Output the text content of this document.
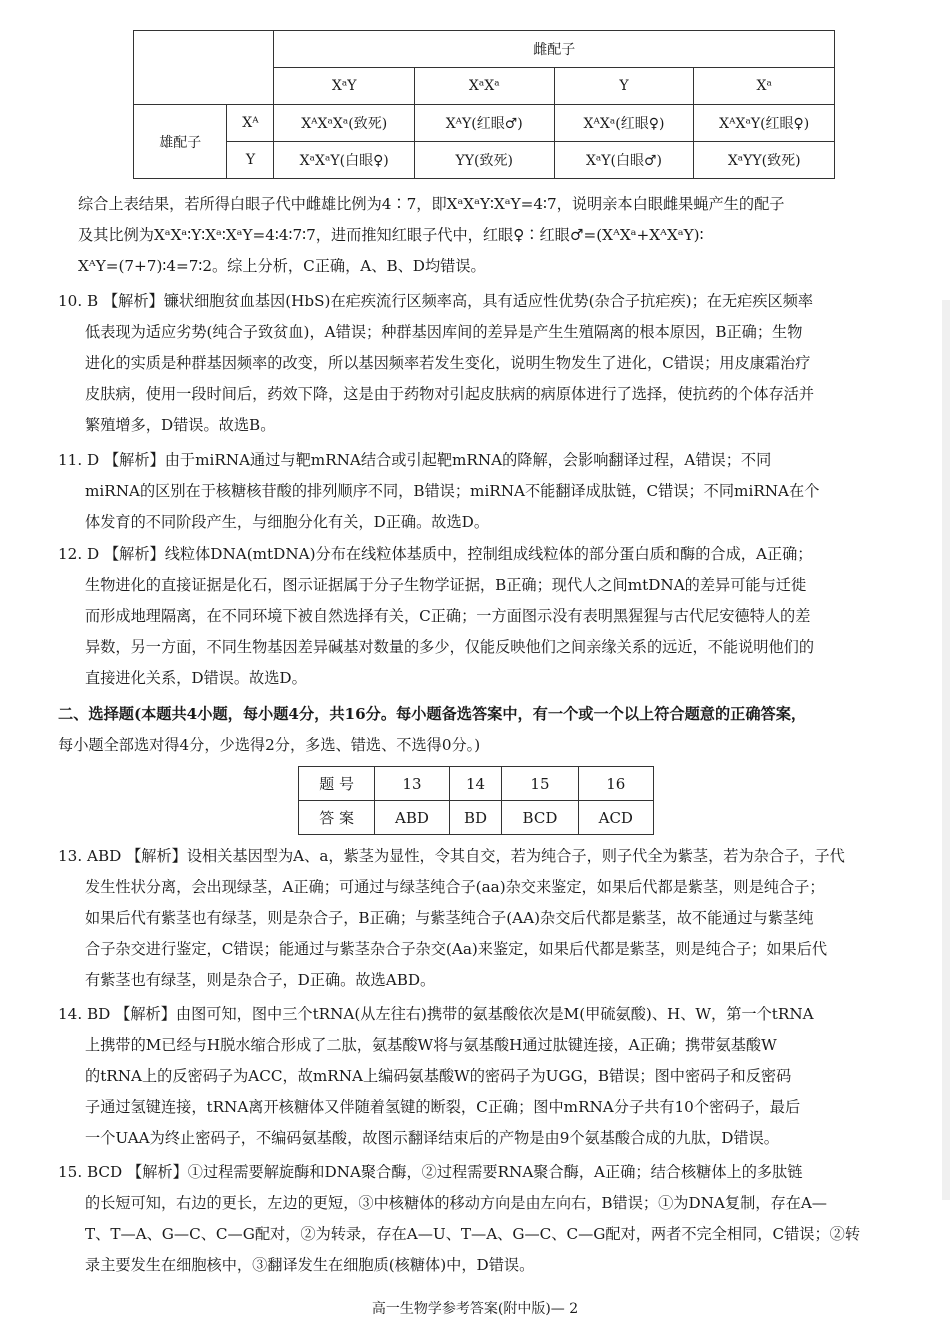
		雌配子			
		XᵃY	XᵃXᵃ	Y	Xᵃ
雄配子	Xᴬ	XᴬXᵃXᵃ(致死)	XᴬY(红眼♂)	XᴬXᵃ(红眼♀)	XᴬXᵃY(红眼♀)
	Y	XᵃXᵃY(白眼♀)	YY(致死)	XᵃY(白眼♂)	XᵃYY(致死)

综合上表结果，若所得白眼子代中雌雄比例为4∶7，即XᵃXᵃY∶XᵃY=4∶7，说明亲本白眼雌果蝇产生的配子

及其比例为XᵃXᵃ∶Y∶Xᵃ∶XᵃY=4∶4∶7∶7，进而推知红眼子代中，红眼♀∶红眼♂=(XᴬXᵃ+XᴬXᵃY)∶

XᴬY=(7+7)∶4=7∶2。综上分析，C正确，A、B、D均错误。

10. B 【解析】镰状细胞贫血基因(HbS)在疟疾流行区频率高，具有适应性优势(杂合子抗疟疾)；在无疟疾区频率

低表现为适应劣势(纯合子致贫血)，A错误；种群基因库间的差异是产生生殖隔离的根本原因，B正确；生物

进化的实质是种群基因频率的改变，所以基因频率若发生变化，说明生物发生了进化，C错误；用皮康霜治疗

皮肤病，使用一段时间后，药效下降，这是由于药物对引起皮肤病的病原体进行了选择，使抗药的个体存活并

繁殖增多，D错误。故选B。

11. D 【解析】由于miRNA通过与靶mRNA结合或引起靶mRNA的降解，会影响翻译过程，A错误；不同

miRNA的区别在于核糖核苷酸的排列顺序不同，B错误；miRNA不能翻译成肽链，C错误；不同miRNA在个

体发育的不同阶段产生，与细胞分化有关，D正确。故选D。

12. D 【解析】线粒体DNA(mtDNA)分布在线粒体基质中，控制组成线粒体的部分蛋白质和酶的合成，A正确；

生物进化的直接证据是化石，图示证据属于分子生物学证据，B正确；现代人之间mtDNA的差异可能与迁徙

而形成地理隔离，在不同环境下被自然选择有关，C正确；一方面图示没有表明黑猩猩与古代尼安德特人的差

异数，另一方面，不同生物基因差异碱基对数量的多少，仅能反映他们之间亲缘关系的远近，不能说明他们的

直接进化关系，D错误。故选D。

二、选择题(本题共4小题，每小题4分，共16分。每小题备选答案中，有一个或一个以上符合题意的正确答案，

每小题全部选对得4分，少选得2分，多选、错选、不选得0分。)

题 号	13	14	15	16
答 案	ABD	BD	BCD	ACD

13. ABD 【解析】设相关基因型为A、a，紫茎为显性，令其自交，若为纯合子，则子代全为紫茎，若为杂合子，子代

发生性状分离，会出现绿茎，A正确；可通过与绿茎纯合子(aa)杂交来鉴定，如果后代都是紫茎，则是纯合子；

如果后代有紫茎也有绿茎，则是杂合子，B正确；与紫茎纯合子(AA)杂交后代都是紫茎，故不能通过与紫茎纯

合子杂交进行鉴定，C错误；能通过与紫茎杂合子杂交(Aa)来鉴定，如果后代都是紫茎，则是纯合子；如果后代

有紫茎也有绿茎，则是杂合子，D正确。故选ABD。

14. BD 【解析】由图可知，图中三个tRNA(从左往右)携带的氨基酸依次是M(甲硫氨酸)、H、W，第一个tRNA

上携带的M已经与H脱水缩合形成了二肽，氨基酸W将与氨基酸H通过肽键连接，A正确；携带氨基酸W

的tRNA上的反密码子为ACC，故mRNA上编码氨基酸W的密码子为UGG，B错误；图中密码子和反密码

子通过氢键连接，tRNA离开核糖体又伴随着氢键的断裂，C正确；图中mRNA分子共有10个密码子，最后

一个UAA为终止密码子，不编码氨基酸，故图示翻译结束后的产物是由9个氨基酸合成的九肽，D错误。

15. BCD 【解析】①过程需要解旋酶和DNA聚合酶，②过程需要RNA聚合酶，A正确；结合核糖体上的多肽链

的长短可知，右边的更长，左边的更短，③中核糖体的移动方向是由左向右，B错误；①为DNA复制，存在A—

T、T—A、G—C、C—G配对，②为转录，存在A—U、T—A、G—C、C—G配对，两者不完全相同，C错误；②转

录主要发生在细胞核中，③翻译发生在细胞质(核糖体)中，D错误。

高一生物学参考答案(附中版)— 2
